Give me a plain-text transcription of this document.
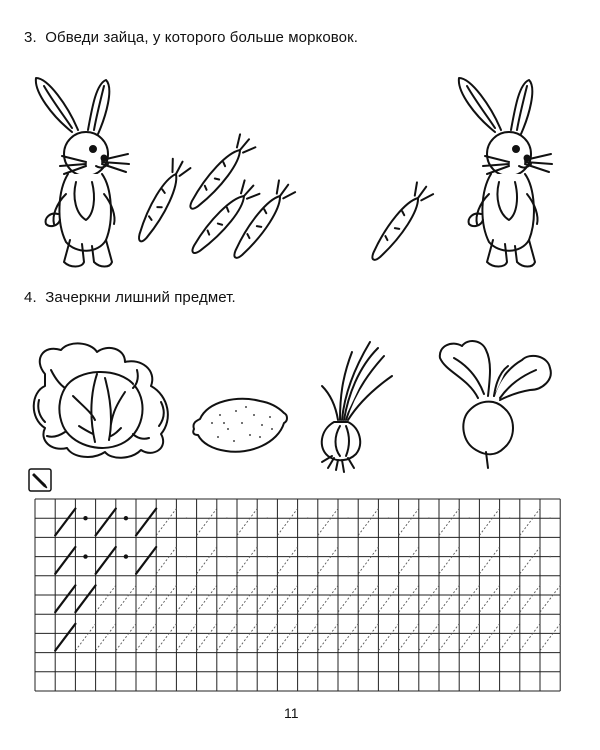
3. Обведи зайца, у которого больше морковок.
4. Зачеркни лишний предмет.
11
